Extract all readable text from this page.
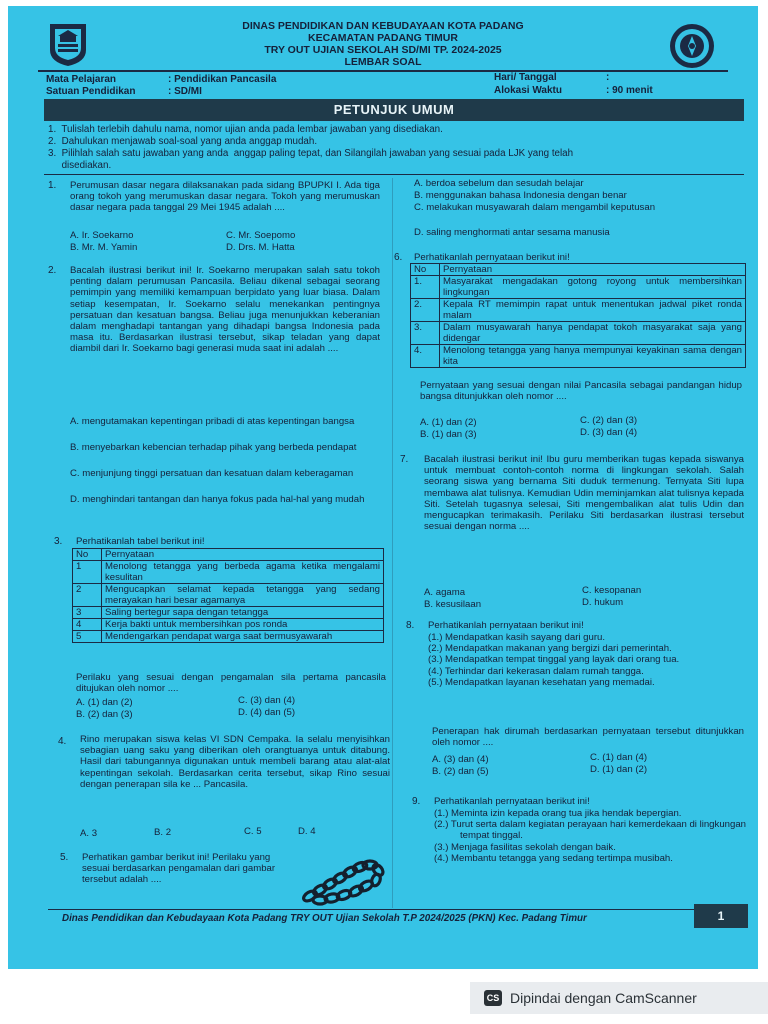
DINAS PENDIDIKAN DAN KEBUDAYAAN KOTA PADANG
KECAMATAN PADANG TIMUR
TRY OUT UJIAN SEKOLAH SD/MI TP. 2024-2025
LEMBAR SOAL
Mata Pelajaran	: Pendidikan Pancasila
Satuan Pendidikan	: SD/MI
Hari/ Tanggal	:
Alokasi Waktu	: 90 menit
PETUNJUK UMUM
1.  Tulislah terlebih dahulu nama, nomor ujian anda pada lembar jawaban yang disediakan.
2.  Dahulukan menjawab soal-soal yang anda anggap mudah.
3.  Pilihlah salah satu jawaban yang anda  anggap paling tepat, dan Silangilah jawaban yang sesuai pada LJK yang telah
disediakan.
1. Perumusan dasar negara dilaksanakan pada sidang BPUPKI I. Ada tiga orang tokoh yang merumuskan dasar negara. Tokoh yang merumuskan dasar negara pada tanggal 29 Mei 1945 adalah ....
A. Ir. Soekarno	C. Mr. Soepomo
B. Mr. M. Yamin	D. Drs. M. Hatta
2. Bacalah ilustrasi berikut ini! Ir. Soekarno merupakan salah satu tokoh penting dalam perumusan Pancasila. Beliau dikenal sebagai seorang pemimpin yang memiliki kemampuan berpidato yang luar biasa. Dalam setiap kesempatan, Ir. Soekarno selalu menekankan pentingnya persatuan dan kesatuan bangsa. Beliau juga menunjukkan keberanian dalam menghadapi tantangan yang dihadapi bangsa Indonesia pada masa itu. Berdasarkan ilustrasi tersebut, sikap teladan yang dapat diambil dari Ir. Soekarno bagi generasi muda saat ini adalah ....
A. mengutamakan kepentingan pribadi di atas kepentingan bangsa
B. menyebarkan kebencian terhadap pihak yang berbeda pendapat
C. menjunjung tinggi persatuan dan kesatuan dalam keberagaman
D. menghindari tantangan dan hanya fokus pada hal-hal yang mudah
3. Perhatikanlah tabel berikut ini!
No	Pernyataan
1	Menolong tetangga yang berbeda agama ketika mengalami kesulitan
2	Mengucapkan selamat kepada tetangga yang sedang merayakan hari besar agamanya
3	Saling bertegur sapa dengan tetangga
4	Kerja bakti untuk membersihkan pos ronda
5	Mendengarkan pendapat warga saat bermusyawarah
Perilaku yang sesuai dengan pengamalan sila pertama pancasila ditujukan oleh nomor ....
A. (1) dan (2)	C. (3) dan (4)
B. (2) dan (3)	D. (4) dan (5)
4. Rino merupakan siswa kelas VI SDN Cempaka. Ia selalu menyisihkan sebagian uang saku yang diberikan oleh orangtuanya untuk ditabung. Hasil dari tabungannya digunakan untuk membeli barang atau alat-alat kepentingan sekolah. Berdasarkan cerita tersebut, sikap Rino sesuai dengan penerapan sila ke ... Pancasila.
A. 3	B. 2	C. 5	D. 4
5. Perhatikan gambar berikut ini! Perilaku yang sesuai berdasarkan pengamalan dari gambar tersebut adalah ....
A. berdoa sebelum dan sesudah belajar
B. menggunakan bahasa Indonesia dengan benar
C. melakukan musyawarah dalam mengambil keputusan
D. saling menghormati antar sesama manusia
6. Perhatikanlah pernyataan berikut ini!
No	Pernyataan
1.	Masyarakat mengadakan gotong royong untuk membersihkan lingkungan
2.	Kepala RT memimpin rapat untuk menentukan jadwal piket ronda malam
3.	Dalam musyawarah hanya pendapat tokoh masyarakat saja yang didengar
4.	Menolong tetangga yang hanya mempunyai keyakinan sama dengan kita
Pernyataan yang sesuai dengan nilai Pancasila sebagai pandangan hidup bangsa ditunjukkan oleh nomor ....
A. (1) dan (2)	C. (2) dan (3)
B. (1) dan (3)	D. (3) dan (4)
7. Bacalah ilustrasi berikut ini! Ibu guru memberikan tugas kepada siswanya untuk membuat contoh-contoh norma di lingkungan sekolah. Salah seorang siswa yang bernama Siti duduk termenung. Ternyata Siti lupa membawa alat tulisnya. Kemudian Udin meminjamkan alat tulisnya kepada Siti. Setelah tugasnya selesai, Siti mengembalikan alat tulis Udin dan mengucapkan terimakasih. Perilaku Siti berdasarkan ilustrasi tersebut sesuai dengan norma ....
A. agama	C. kesopanan
B. kesusilaan	D. hukum
8. Perhatikanlah pernyataan berikut ini!
(1.) Mendapatkan kasih sayang dari guru.
(2.) Mendapatkan makanan yang bergizi dari pemerintah.
(3.) Mendapatkan tempat tinggal yang layak dari orang tua.
(4.) Terhindar dari kekerasan dalam rumah tangga.
(5.) Mendapatkan layanan kesehatan yang memadai.
Penerapan hak dirumah berdasarkan pernyataan tersebut ditunjukkan oleh nomor ....
A. (3) dan (4)	C. (1) dan (4)
B. (2) dan (5)	D. (1) dan (2)
9. Perhatikanlah pernyataan berikut ini!
(1.) Meminta izin kepada orang tua jika hendak bepergian.
(2.) Turut serta dalam kegiatan perayaan hari kemerdekaan di lingkungan tempat tinggal.
(3.) Menjaga fasilitas sekolah dengan baik.
(4.) Membantu tetangga yang sedang tertimpa musibah.
Dinas Pendidikan dan Kebudayaan Kota Padang TRY OUT Ujian Sekolah T.P 2024/2025 (PKN) Kec. Padang Timur	1
CS Dipindai dengan CamScanner
